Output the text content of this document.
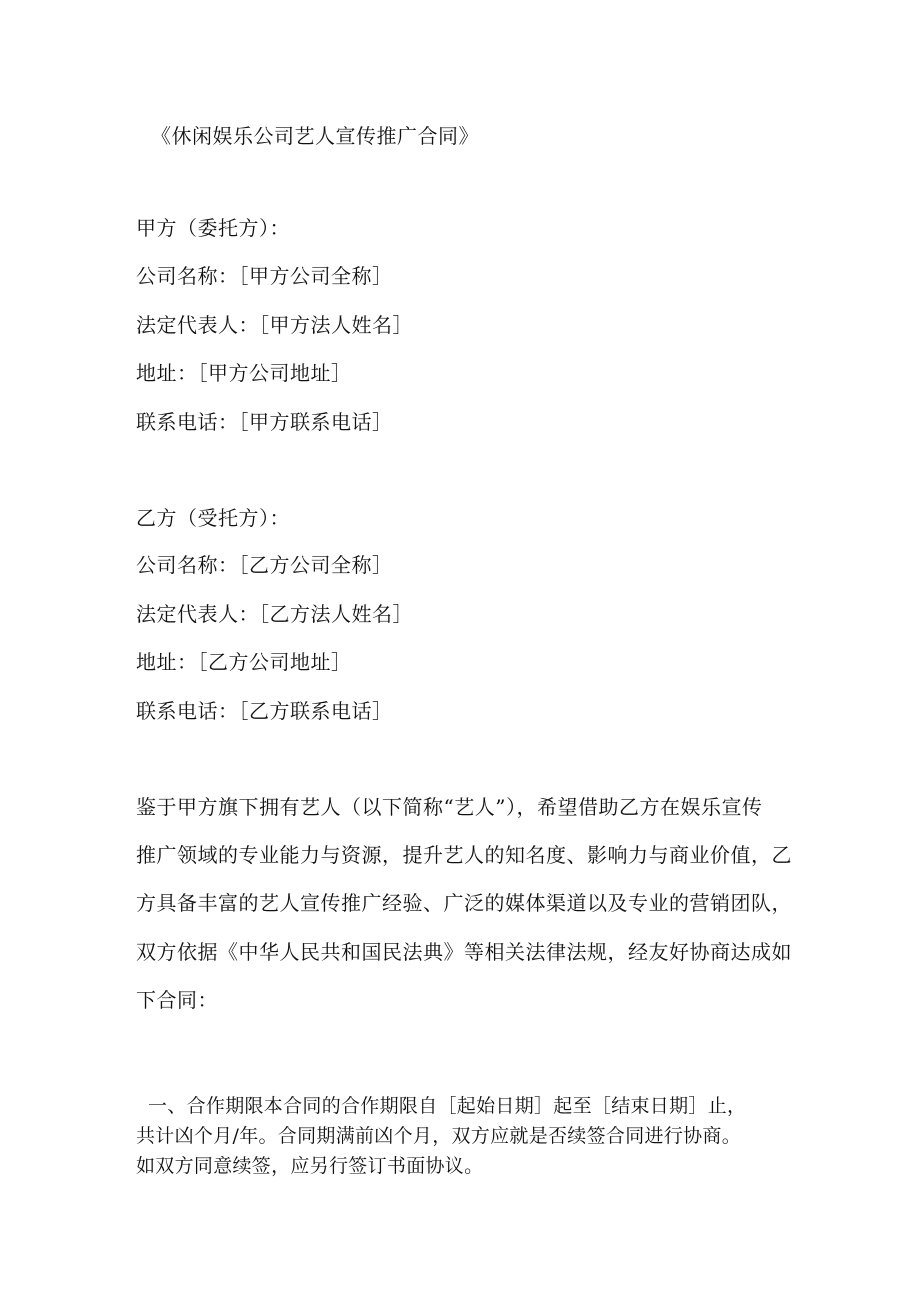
《休闲娱乐公司艺人宣传推广合同》
甲方（委托方）：
公司名称：［甲方公司全称］
法定代表人：［甲方法人姓名］
地址：［甲方公司地址］
联系电话：［甲方联系电话］
乙方（受托方）：
公司名称：［乙方公司全称］
法定代表人：［乙方法人姓名］
地址：［乙方公司地址］
联系电话：［乙方联系电话］
鉴于甲方旗下拥有艺人（以下简称“艺人”），希望借助乙方在娱乐宣传
推广领域的专业能力与资源，提升艺人的知名度、影响力与商业价值，乙
方具备丰富的艺人宣传推广经验、广泛的媒体渠道以及专业的营销团队，
双方依据《中华人民共和国民法典》等相关法律法规，经友好协商达成如
下合同：
一、合作期限本合同的合作期限自［起始日期］起至［结束日期］止，
共计凶个月/年。合同期满前凶个月，双方应就是否续签合同进行协商。
如双方同意续签，应另行签订书面协议。
